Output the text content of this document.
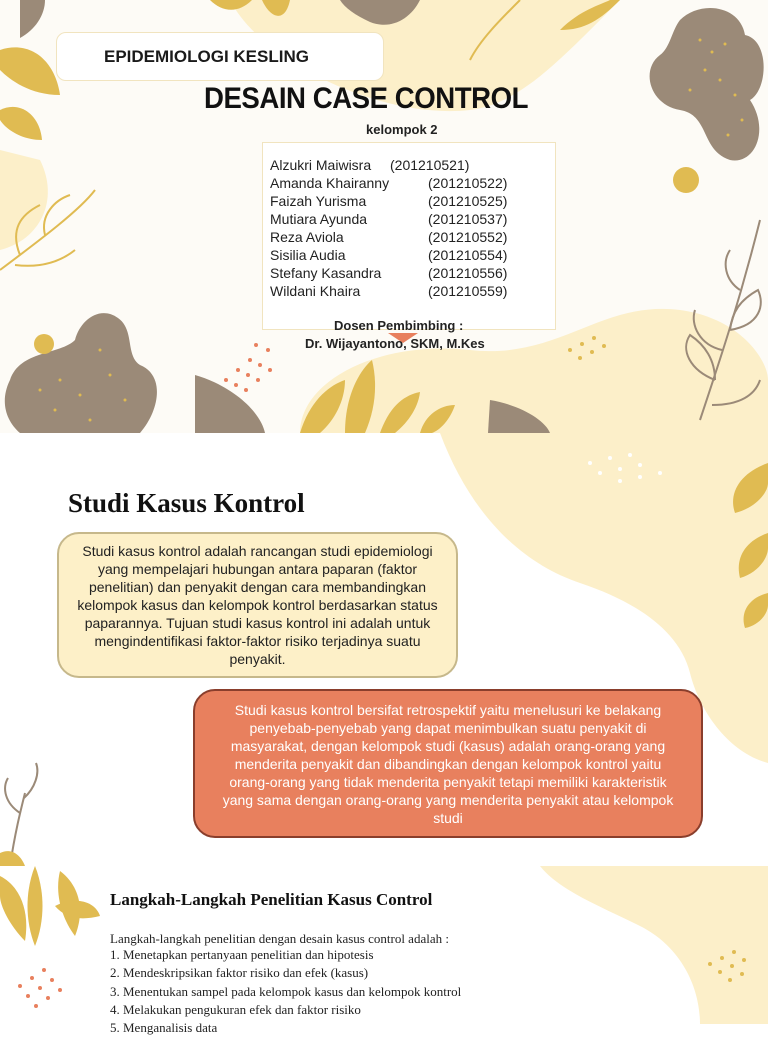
EPIDEMIOLOGI KESLING
DESAIN CASE CONTROL
kelompok 2
Alzukri Maiwisra (201210521)
Amanda Khairanny	(201210522)
Faizah Yurisma	(201210525)
Mutiara Ayunda	(201210537)
Reza Aviola	(201210552)
Sisilia Audia	(201210554)
Stefany Kasandra	(201210556)
Wildani Khaira	(201210559)
Dosen Pembimbing :
Dr. Wijayantono, SKM, M.Kes
Studi Kasus Kontrol
Studi kasus kontrol adalah rancangan studi epidemiologi yang mempelajari hubungan antara paparan (faktor penelitian) dan penyakit dengan cara membandingkan kelompok kasus dan kelompok kontrol berdasarkan status paparannya. Tujuan studi kasus kontrol ini adalah untuk mengindentifikasi faktor-faktor risiko terjadinya suatu penyakit.
Studi kasus kontrol bersifat retrospektif yaitu menelusuri ke belakang penyebab-penyebab yang dapat menimbulkan suatu penyakit di masyarakat, dengan kelompok studi (kasus) adalah orang-orang yang menderita penyakit dan dibandingkan dengan kelompok kontrol yaitu orang-orang yang tidak menderita penyakit tetapi memiliki karakteristik yang sama dengan orang-orang yang menderita penyakit atau kelompok studi
Langkah-Langkah Penelitian Kasus Control
Langkah-langkah penelitian dengan desain kasus control adalah :
1. Menetapkan pertanyaan penelitian dan hipotesis
2. Mendeskripsikan faktor risiko dan efek (kasus)
3. Menentukan sampel pada kelompok kasus dan kelompok kontrol
4. Melakukan pengukuran efek dan faktor risiko
5. Menganalisis data
